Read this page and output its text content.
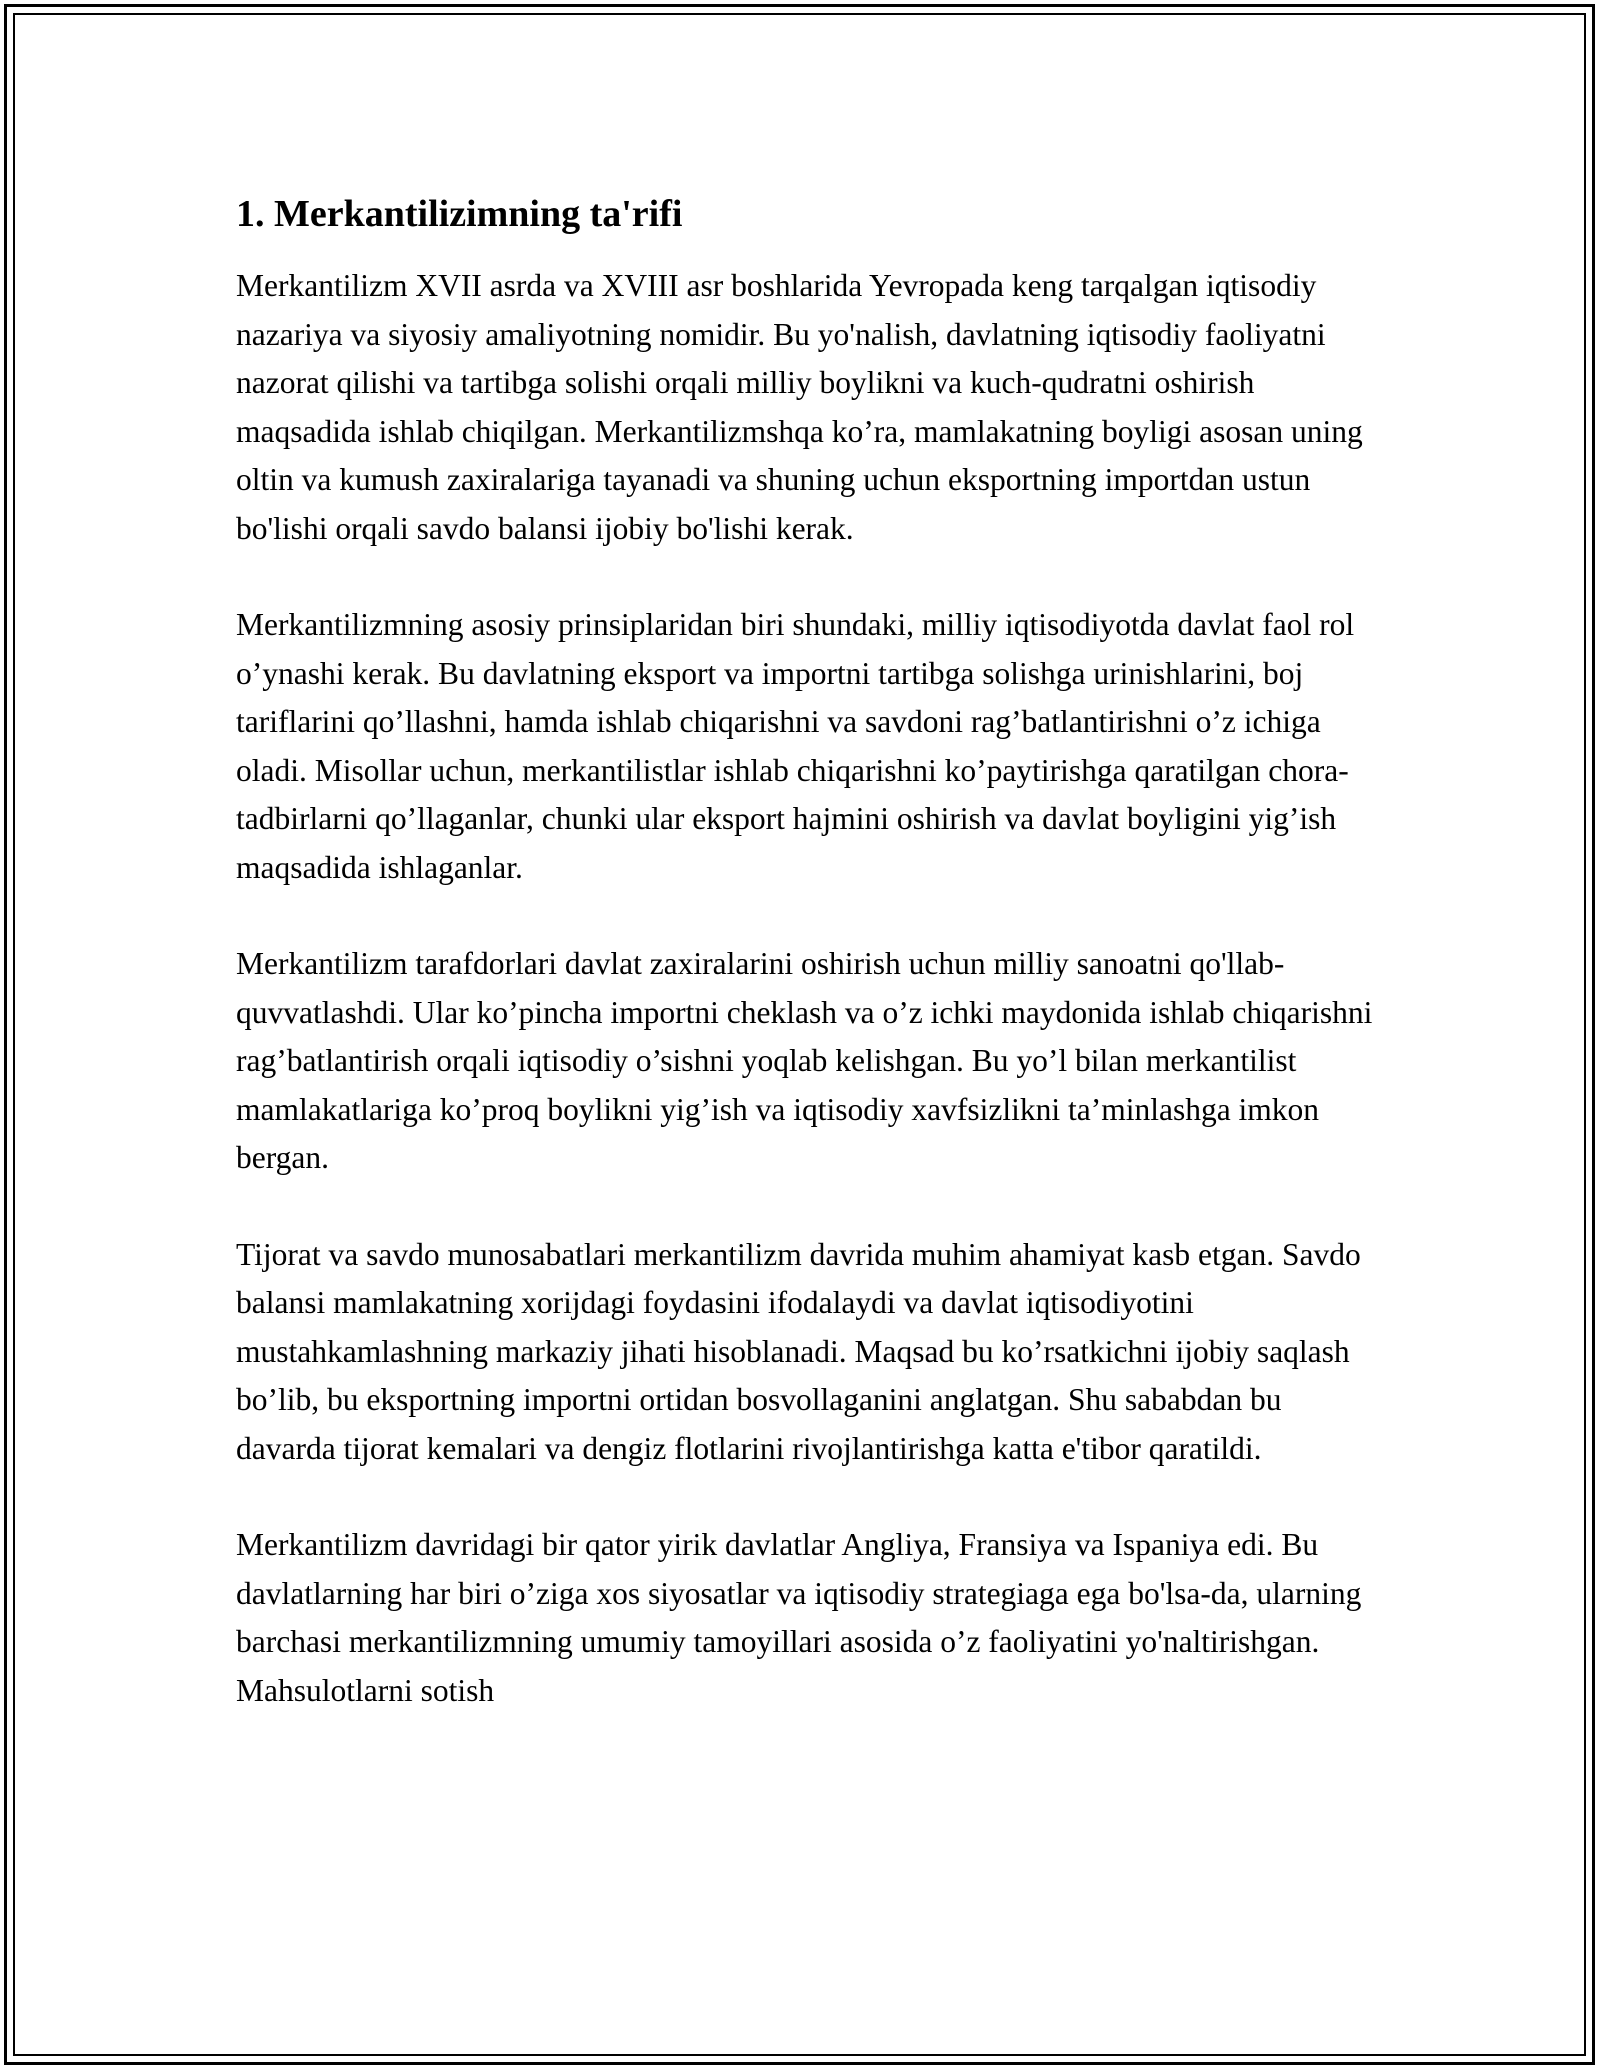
1. Merkantilizimning ta'rifi

Merkantilizm XVII asrda va XVIII asr boshlarida Yevropada keng tarqalgan iqtisodiy nazariya va siyosiy amaliyotning nomidir. Bu yo'nalish, davlatning iqtisodiy faoliyatni nazorat qilishi va tartibga solishi orqali milliy boylikni va kuch-qudratni oshirish maqsadida ishlab chiqilgan. Merkantilizmshqa ko’ra, mamlakatning boyligi asosan uning oltin va kumush zaxiralariga tayanadi va shuning uchun eksportning importdan ustun bo'lishi orqali savdo balansi ijobiy bo'lishi kerak.

Merkantilizmning asosiy prinsiplaridan biri shundaki, milliy iqtisodiyotda davlat faol rol o’ynashi kerak. Bu davlatning eksport va importni tartibga solishga urinishlarini, boj tariflarini qo’llashni, hamda ishlab chiqarishni va savdoni rag’batlantirishni o’z ichiga oladi. Misollar uchun, merkantilistlar ishlab chiqarishni ko’paytirishga qaratilgan chora-tadbirlarni qo’llaganlar, chunki ular eksport hajmini oshirish va davlat boyligini yig’ish maqsadida ishlaganlar.

Merkantilizm tarafdorlari davlat zaxiralarini oshirish uchun milliy sanoatni qo'llab-quvvatlashdi. Ular ko’pincha importni cheklash va o’z ichki maydonida ishlab chiqarishni rag’batlantirish orqali iqtisodiy o’sishni yoqlab kelishgan. Bu yo’l bilan merkantilist mamlakatlariga ko’proq boylikni yig’ish va iqtisodiy xavfsizlikni ta’minlashga imkon bergan.

Tijorat va savdo munosabatlari merkantilizm davrida muhim ahamiyat kasb etgan. Savdo balansi mamlakatning xorijdagi foydasini ifodalaydi va davlat iqtisodiyotini mustahkamlashning markaziy jihati hisoblanadi. Maqsad bu ko’rsatkichni ijobiy saqlash bo’lib, bu eksportning importni ortidan bosvollaganini anglatgan. Shu sababdan bu davarda tijorat kemalari va dengiz flotlarini rivojlantirishga katta e'tibor qaratildi.

Merkantilizm davridagi bir qator yirik davlatlar Angliya, Fransiya va Ispaniya edi. Bu davlatlarning har biri o’ziga xos siyosatlar va iqtisodiy strategiaga ega bo'lsa-da, ularning barchasi merkantilizmning umumiy tamoyillari asosida o’z faoliyatini yo'naltirishgan. Mahsulotlarni sotish
